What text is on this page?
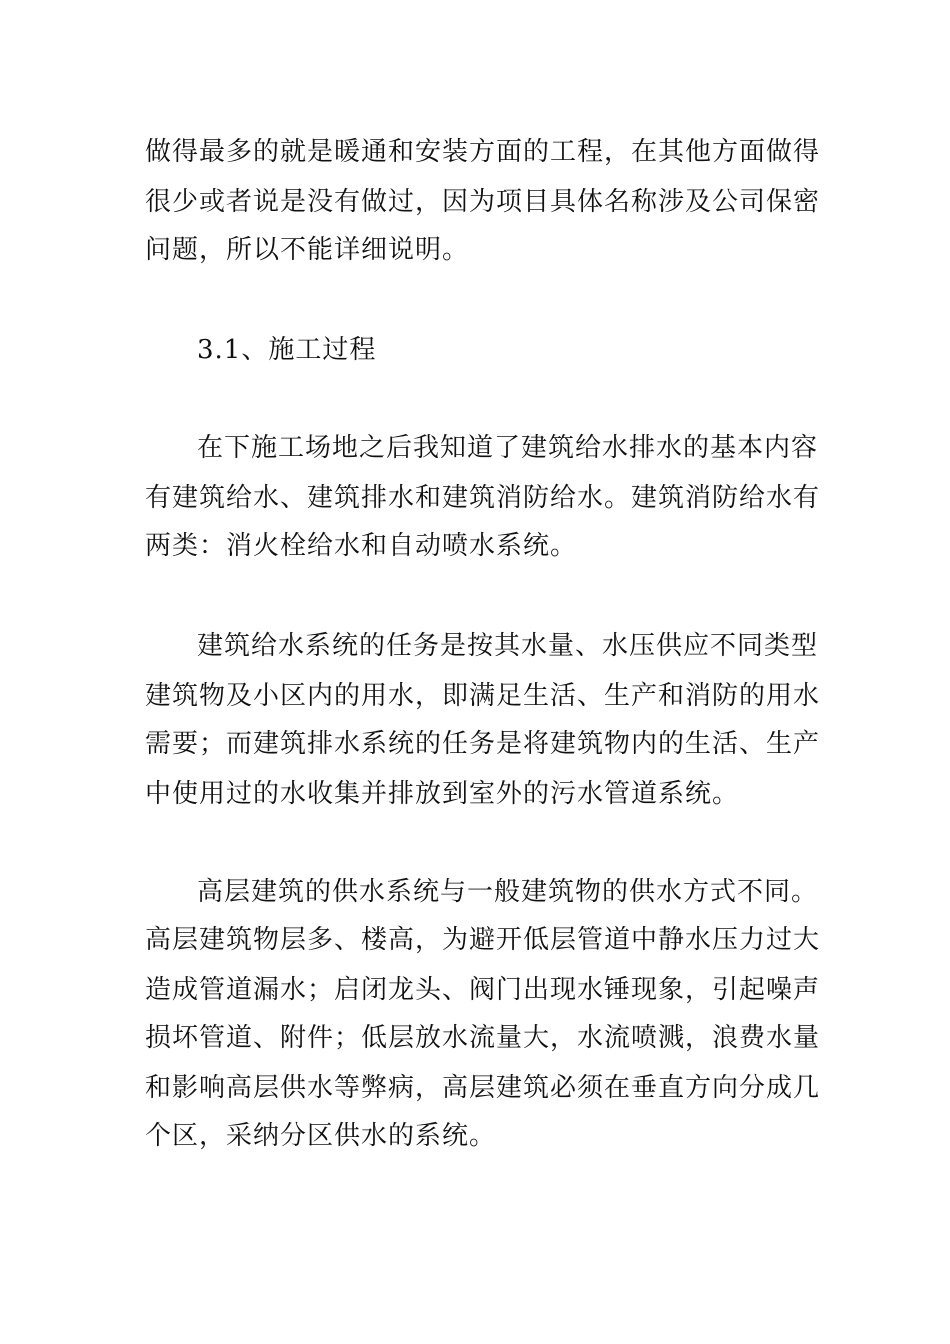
做得最多的就是暖通和安装方面的工程，在其他方面做得
很少或者说是没有做过，因为项目具体名称涉及公司保密
问题，所以不能详细说明。
3.1、施工过程
在下施工场地之后我知道了建筑给水排水的基本内容
有建筑给水、建筑排水和建筑消防给水。建筑消防给水有
两类：消火栓给水和自动喷水系统。
建筑给水系统的任务是按其水量、水压供应不同类型
建筑物及小区内的用水，即满足生活、生产和消防的用水
需要；而建筑排水系统的任务是将建筑物内的生活、生产
中使用过的水收集并排放到室外的污水管道系统。
高层建筑的供水系统与一般建筑物的供水方式不同。
高层建筑物层多、楼高，为避开低层管道中静水压力过大
造成管道漏水；启闭龙头、阀门出现水锤现象，引起噪声
损坏管道、附件；低层放水流量大，水流喷溅，浪费水量
和影响高层供水等弊病，高层建筑必须在垂直方向分成几
个区，采纳分区供水的系统。
